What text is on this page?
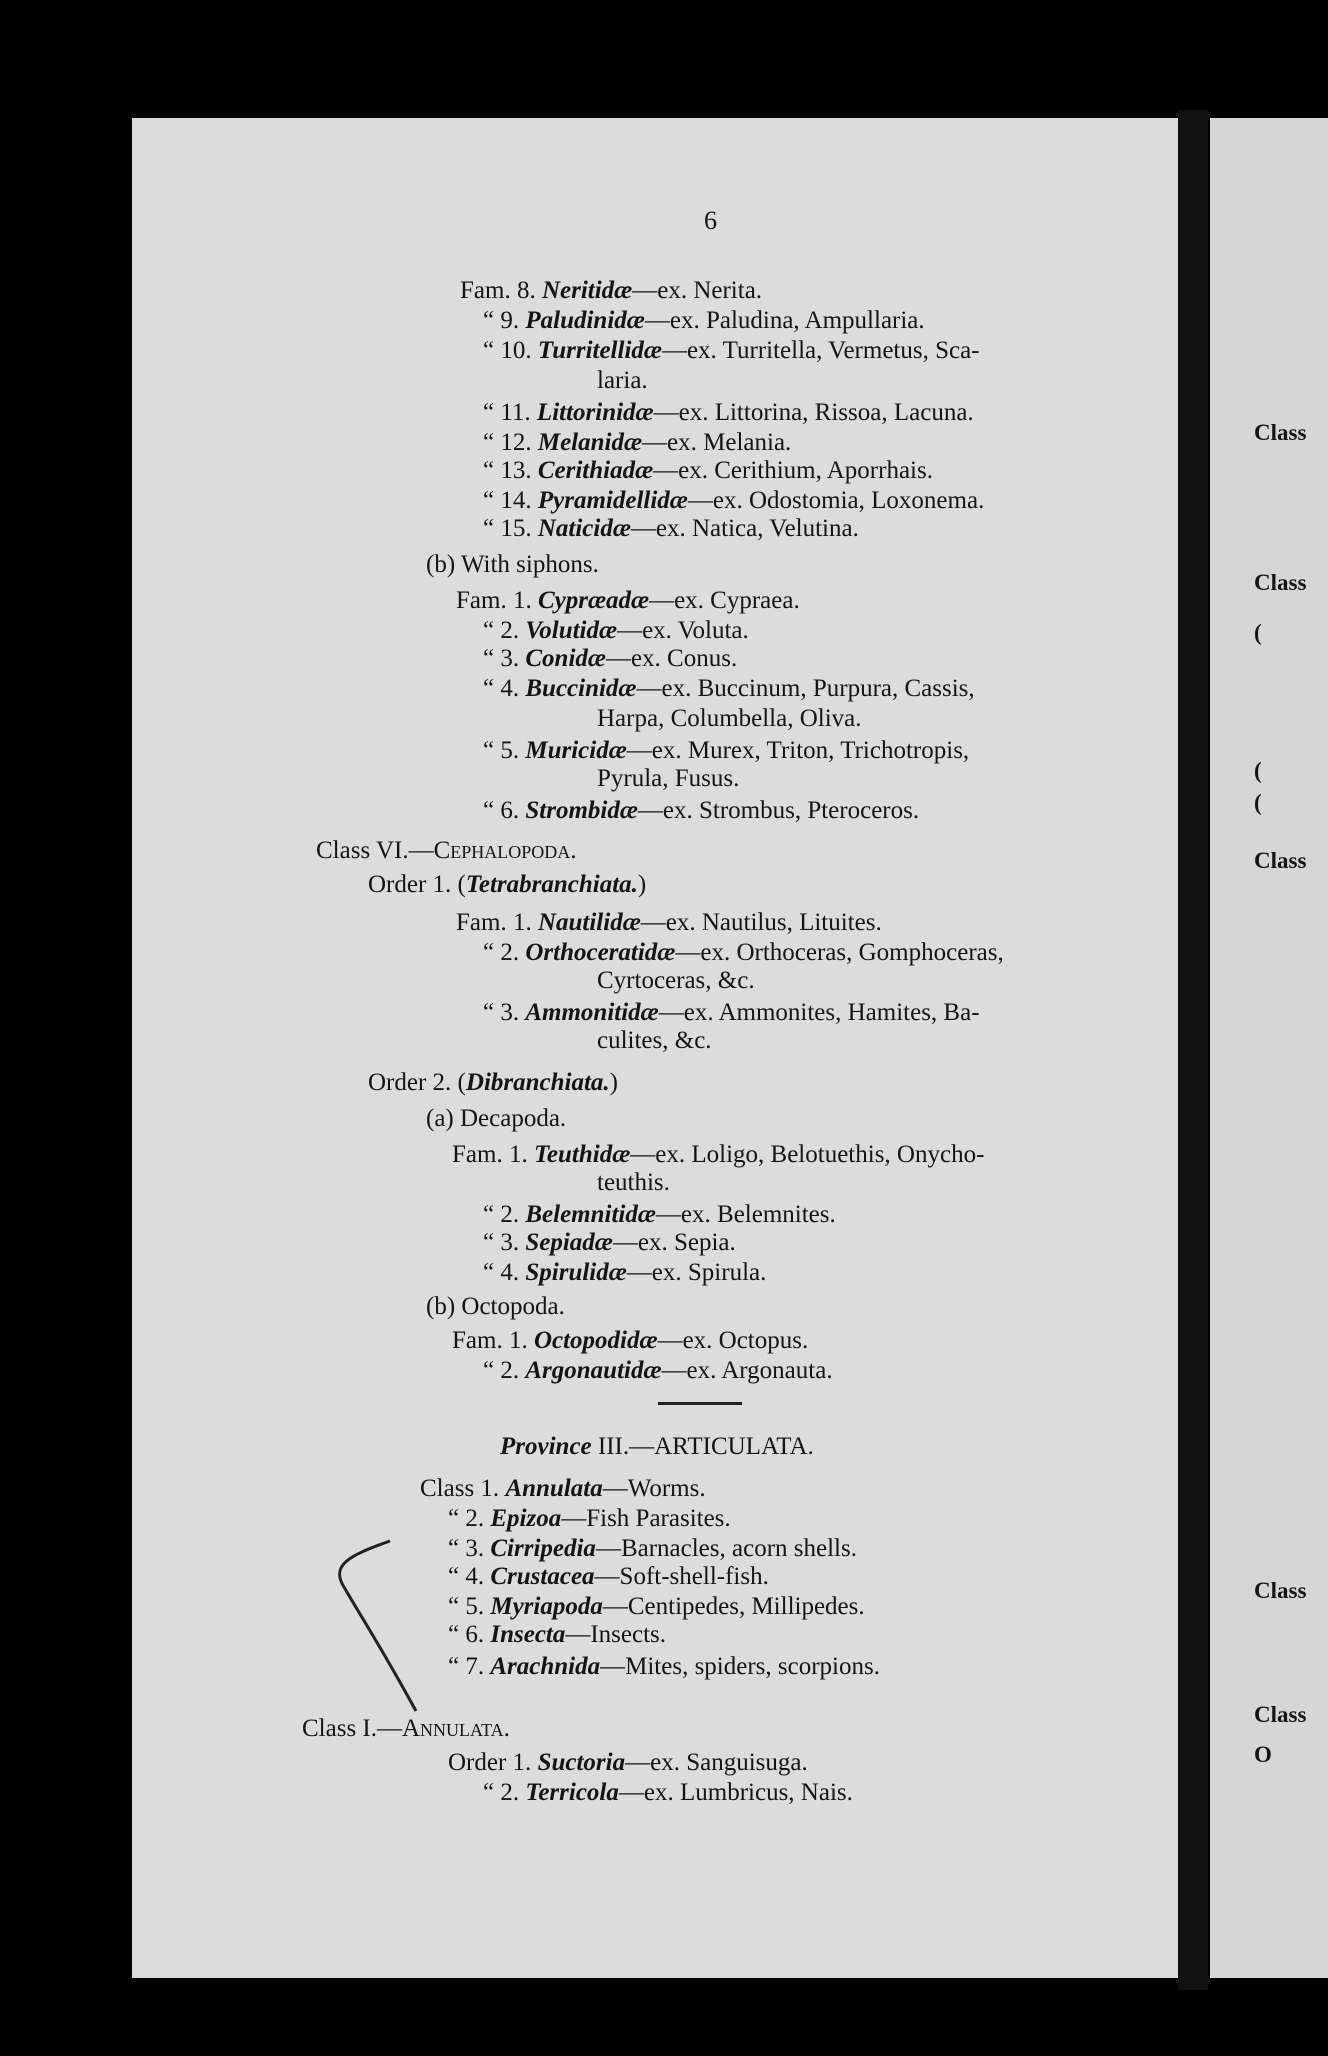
6
Fam. 8. Neritidæ—ex. Nerita.
“ 9. Paludinidæ—ex. Paludina, Ampullaria.
“ 10. Turritellidæ—ex. Turritella, Vermetus, Sca-
laria.
“ 11. Littorinidæ—ex. Littorina, Rissoa, Lacuna.
“ 12. Melanidæ—ex. Melania.
“ 13. Cerithiadæ—ex. Cerithium, Aporrhais.
“ 14. Pyramidellidæ—ex. Odostomia, Loxonema.
“ 15. Naticidæ—ex. Natica, Velutina.
(b) With siphons.
Fam. 1. Cypræadæ—ex. Cypraea.
“ 2. Volutidæ—ex. Voluta.
“ 3. Conidæ—ex. Conus.
“ 4. Buccinidæ—ex. Buccinum, Purpura, Cassis,
Harpa, Columbella, Oliva.
“ 5. Muricidæ—ex. Murex, Triton, Trichotropis,
Pyrula, Fusus.
“ 6. Strombidæ—ex. Strombus, Pteroceros.
Class VI.—Cephalopoda.
Order 1. (Tetrabranchiata.)
Fam. 1. Nautilidæ—ex. Nautilus, Lituites.
“ 2. Orthoceratidæ—ex. Orthoceras, Gomphoceras,
Cyrtoceras, &c.
“ 3. Ammonitidæ—ex. Ammonites, Hamites, Ba-
culites, &c.
Order 2. (Dibranchiata.)
(a) Decapoda.
Fam. 1. Teuthidæ—ex. Loligo, Belotuethis, Onycho-
teuthis.
“ 2. Belemnitidæ—ex. Belemnites.
“ 3. Sepiadæ—ex. Sepia.
“ 4. Spirulidæ—ex. Spirula.
(b) Octopoda.
Fam. 1. Octopodidæ—ex. Octopus.
“ 2. Argonautidæ—ex. Argonauta.
Province III.—ARTICULATA.
Class 1. Annulata—Worms.
“ 2. Epizoa—Fish Parasites.
“ 3. Cirripedia—Barnacles, acorn shells.
“ 4. Crustacea—Soft-shell-fish.
“ 5. Myriapoda—Centipedes, Millipedes.
“ 6. Insecta—Insects.
“ 7. Arachnida—Mites, spiders, scorpions.
Class I.—Annulata.
Order 1. Suctoria—ex. Sanguisuga.
“ 2. Terricola—ex. Lumbricus, Nais.
Class
Class
(
(
(
Class
Class
Class
O
